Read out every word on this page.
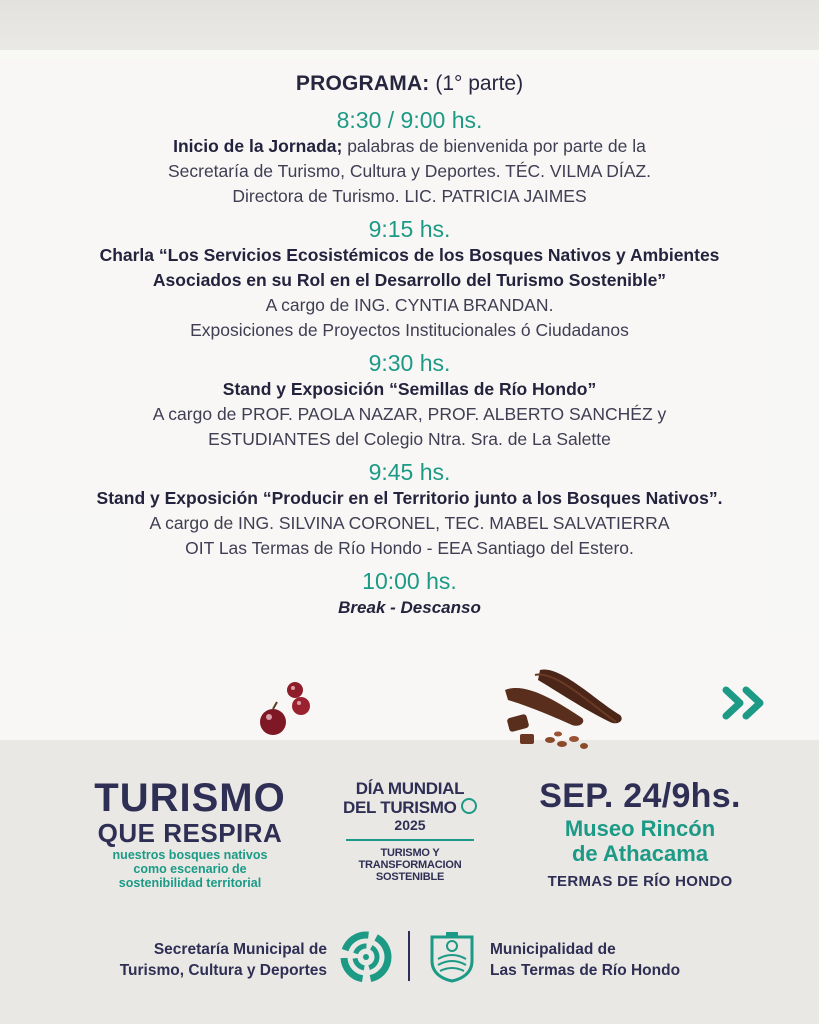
PROGRAMA: (1° parte)
8:30 / 9:00 hs.
Inicio de la Jornada; palabras de bienvenida por parte de la
Secretaría de Turismo, Cultura y Deportes. TÉC. VILMA DÍAZ.
Directora de Turismo. LIC. PATRICIA JAIMES
9:15 hs.
Charla “Los Servicios Ecosistémicos de los Bosques Nativos y Ambientes
Asociados en su Rol en el Desarrollo del Turismo Sostenible”
A cargo de ING. CYNTIA BRANDAN.
Exposiciones de Proyectos Institucionales ó Ciudadanos
9:30 hs.
Stand y Exposición “Semillas de Río Hondo”
A cargo de PROF. PAOLA NAZAR, PROF. ALBERTO SANCHÉZ y
ESTUDIANTES del Colegio Ntra. Sra. de La Salette
9:45 hs.
Stand y Exposición “Producir en el Territorio junto a los Bosques Nativos”.
A cargo de ING. SILVINA CORONEL, TEC. MABEL SALVATIERRA
OIT Las Termas de Río Hondo - EEA Santiago del Estero.
10:00 hs.
Break - Descanso
TURISMO
QUE RESPIRA
nuestros bosques nativos
como escenario de
sostenibilidad territorial
DÍA MUNDIAL
DEL TURISMO
2025
TURISMO Y
TRANSFORMACION
SOSTENIBLE
SEP. 24/9hs.
Museo Rincón
de Athacama
TERMAS DE RÍO HONDO
Secretaría Municipal de
Turismo, Cultura y Deportes
Municipalidad de
Las Termas de Río Hondo
